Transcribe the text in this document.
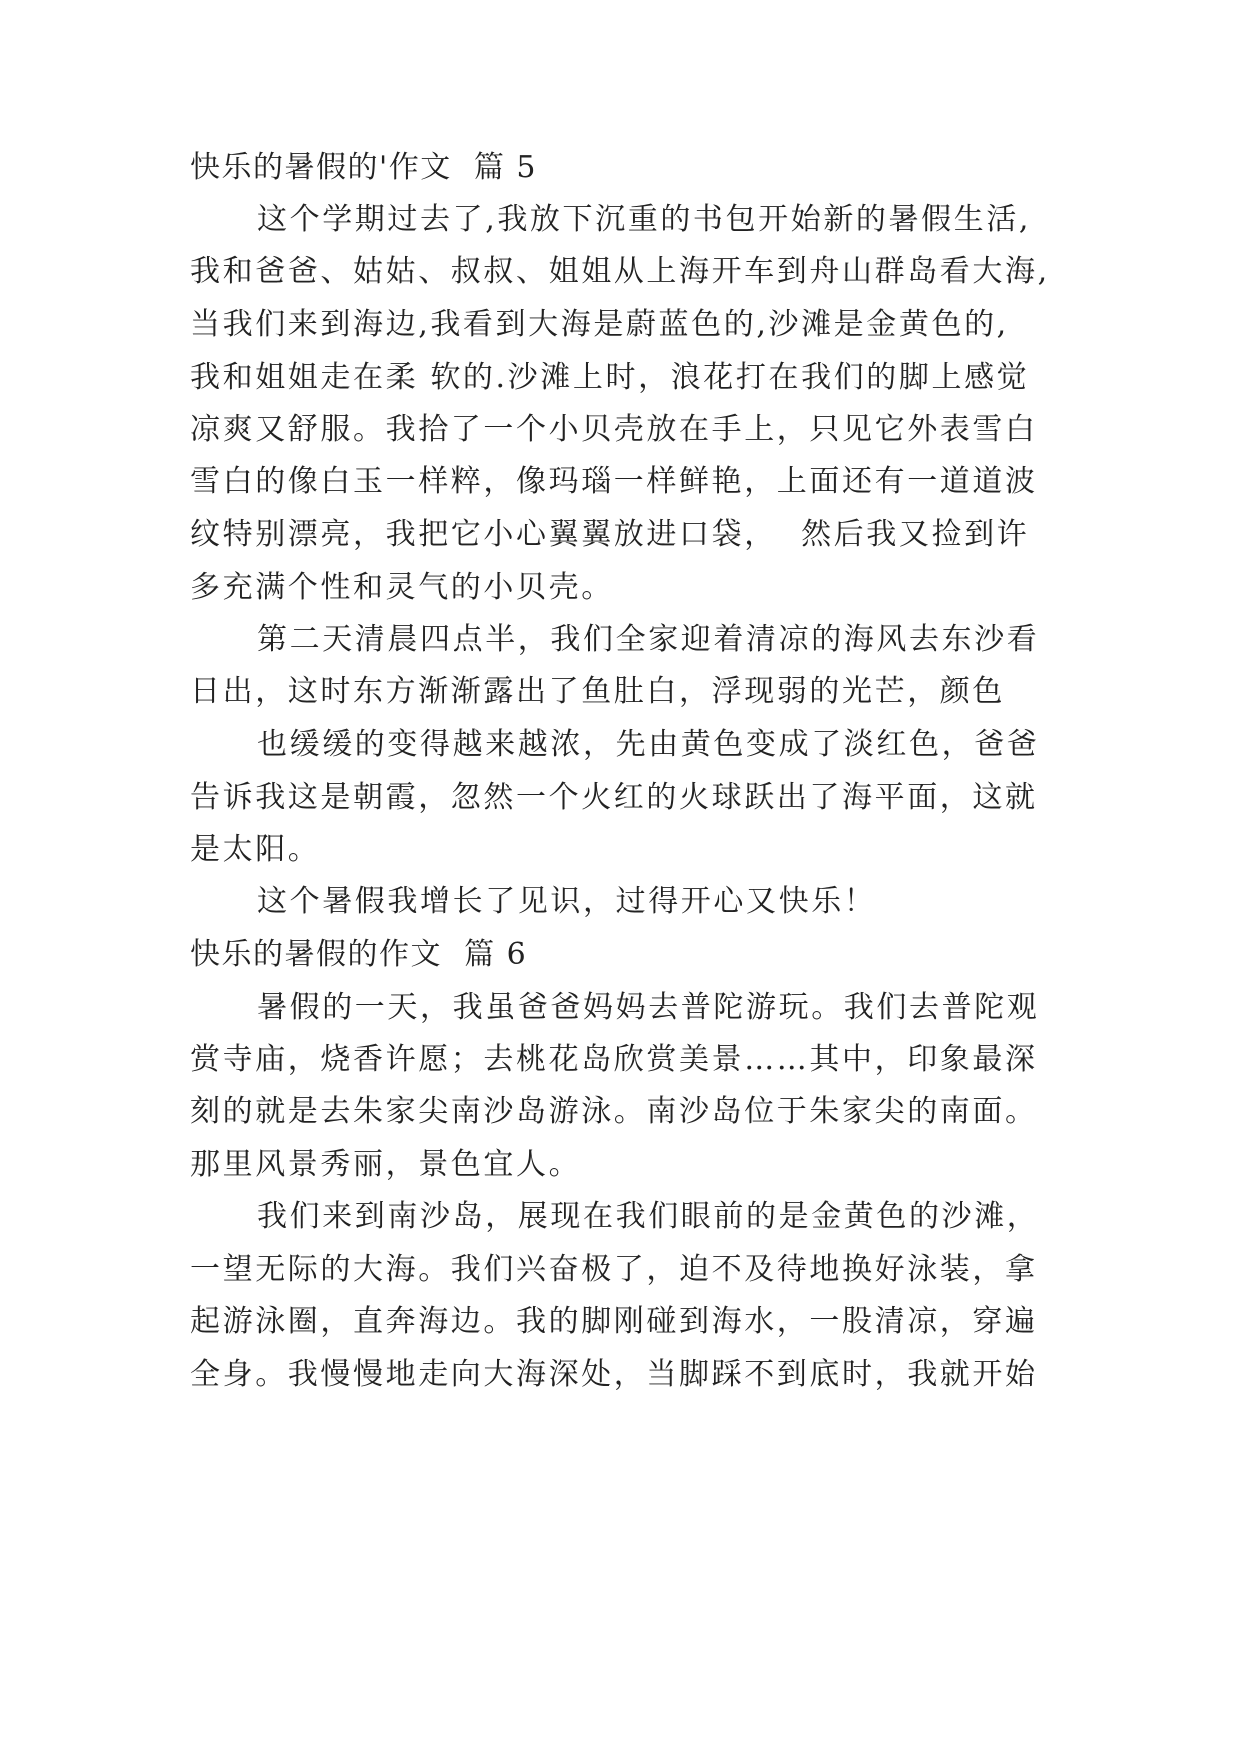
快乐的暑假的'作文  篇 5
这个学期过去了,我放下沉重的书包开始新的暑假生活,
我和爸爸、姑姑、叔叔、姐姐从上海开车到舟山群岛看大海,
当我们来到海边,我看到大海是蔚蓝色的,沙滩是金黄色的,
我和姐姐走在柔 软的.沙滩上时，浪花打在我们的脚上感觉
凉爽又舒服。我拾了一个小贝壳放在手上，只见它外表雪白
雪白的像白玉一样粹，像玛瑙一样鲜艳，上面还有一道道波
纹特别漂亮，我把它小心翼翼放进口袋，  然后我又捡到许
多充满个性和灵气的小贝壳。
第二天清晨四点半，我们全家迎着清凉的海风去东沙看
日出，这时东方渐渐露出了鱼肚白，浮现弱的光芒，颜色
也缓缓的变得越来越浓，先由黄色变成了淡红色，爸爸
告诉我这是朝霞，忽然一个火红的火球跃出了海平面，这就
是太阳。
这个暑假我增长了见识，过得开心又快乐！
快乐的暑假的作文  篇 6
暑假的一天，我虽爸爸妈妈去普陀游玩。我们去普陀观
赏寺庙，烧香许愿；去桃花岛欣赏美景……其中，印象最深
刻的就是去朱家尖南沙岛游泳。南沙岛位于朱家尖的南面。
那里风景秀丽，景色宜人。
我们来到南沙岛，展现在我们眼前的是金黄色的沙滩，
一望无际的大海。我们兴奋极了，迫不及待地换好泳装，拿
起游泳圈，直奔海边。我的脚刚碰到海水，一股清凉，穿遍
全身。我慢慢地走向大海深处，当脚踩不到底时，我就开始
